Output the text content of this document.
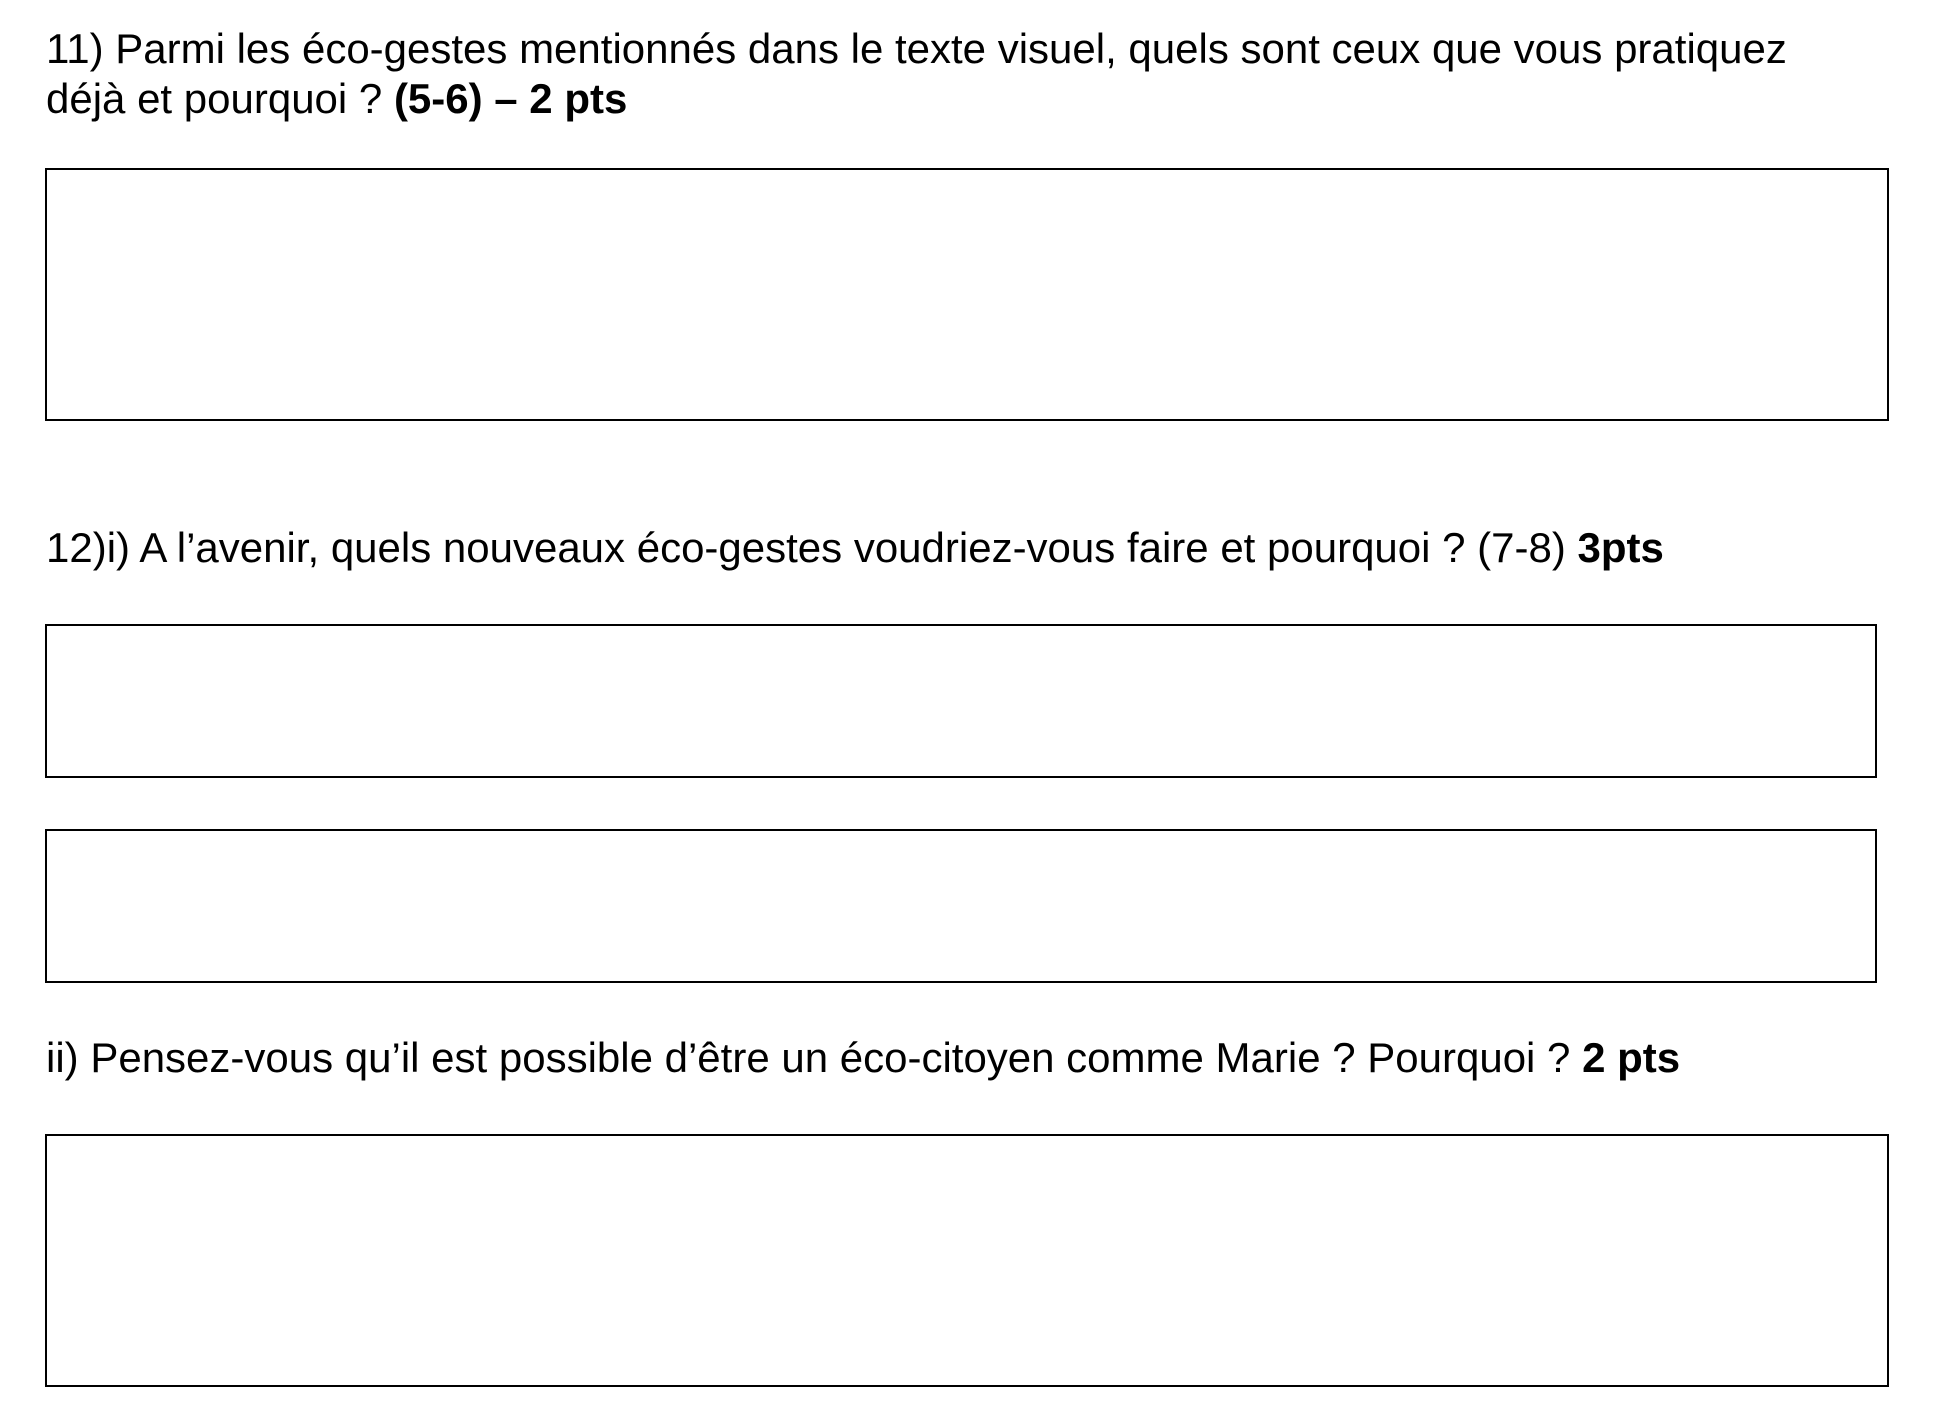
11) Parmi les éco-gestes mentionnés dans le texte visuel, quels sont ceux que vous pratiquez
déjà et pourquoi ? (5-6) – 2 pts

12)i) A l’avenir, quels nouveaux éco-gestes voudriez-vous faire et pourquoi ? (7-8) 3pts

ii) Pensez-vous qu’il est possible d’être un éco-citoyen comme Marie ? Pourquoi ? 2 pts
